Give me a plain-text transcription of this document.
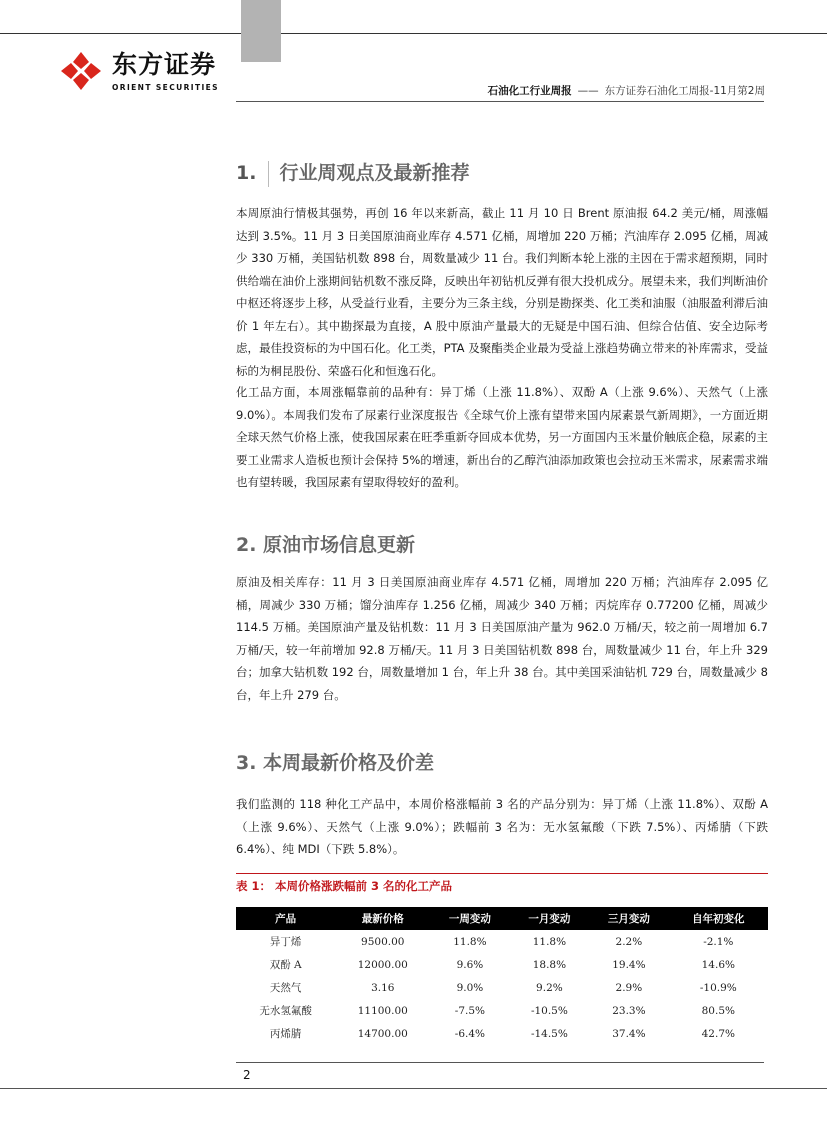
东方证券
ORIENT SECURITIES	石油化工行业周报 —— 东方证券石油化工周报-11月第2周
1. 行业周观点及最新推荐

本周原油行情极其强势，再创 16 年以来新高，截止 11 月 10 日 Brent 原油报 64.2 美元/桶，周涨幅达到 3.5%。11 月 3 日美国原油商业库存 4.571 亿桶，周增加 220 万桶；汽油库存 2.095 亿桶，周减少 330 万桶，美国钻机数 898 台，周数量减少 11 台。我们判断本轮上涨的主因在于需求超预期，同时供给端在油价上涨期间钻机数不涨反降，反映出年初钻机反弹有很大投机成分。展望未来，我们判断油价中枢还将逐步上移，从受益行业看，主要分为三条主线，分别是勘探类、化工类和油服（油服盈利滞后油价 1 年左右）。其中勘探最为直接，A 股中原油产量最大的无疑是中国石油、但综合估值、安全边际考虑，最佳投资标的为中国石化。化工类，PTA 及聚酯类企业最为受益上涨趋势确立带来的补库需求，受益标的为桐昆股份、荣盛石化和恒逸石化。

化工品方面，本周涨幅靠前的品种有：异丁烯（上涨 11.8%）、双酚 A（上涨 9.6%）、天然气（上涨 9.0%）。本周我们发布了尿素行业深度报告《全球气价上涨有望带来国内尿素景气新周期》，一方面近期全球天然气价格上涨，使我国尿素在旺季重新夺回成本优势，另一方面国内玉米量价触底企稳，尿素的主要工业需求人造板也预计会保持 5%的增速，新出台的乙醇汽油添加政策也会拉动玉米需求，尿素需求端也有望转暖，我国尿素有望取得较好的盈利。

2. 原油市场信息更新

原油及相关库存：11 月 3 日美国原油商业库存 4.571 亿桶，周增加 220 万桶；汽油库存 2.095 亿桶，周减少 330 万桶；馏分油库存 1.256 亿桶，周减少 340 万桶；丙烷库存 0.77200 亿桶，周减少 114.5 万桶。美国原油产量及钻机数：11 月 3 日美国原油产量为 962.0 万桶/天，较之前一周增加 6.7 万桶/天，较一年前增加 92.8 万桶/天。11 月 3 日美国钻机数 898 台，周数量减少 11 台，年上升 329 台；加拿大钻机数 192 台，周数量增加 1 台，年上升 38 台。其中美国采油钻机 729 台，周数量减少 8 台，年上升 279 台。

3. 本周最新价格及价差

我们监测的 118 种化工产品中，本周价格涨幅前 3 名的产品分别为：异丁烯（上涨 11.8%）、双酚 A（上涨 9.6%）、天然气（上涨 9.0%）；跌幅前 3 名为：无水氢氟酸（下跌 7.5%）、丙烯腈（下跌 6.4%）、纯 MDI（下跌 5.8%）。

表 1： 本周价格涨跌幅前 3 名的化工产品
产品	最新价格	一周变动	一月变动	三月变动	自年初变化
异丁烯	9500.00	11.8%	11.8%	2.2%	-2.1%
双酚 A	12000.00	9.6%	18.8%	19.4%	14.6%
天然气	3.16	9.0%	9.2%	2.9%	-10.9%
无水氢氟酸	11100.00	-7.5%	-10.5%	23.3%	80.5%
丙烯腈	14700.00	-6.4%	-14.5%	37.4%	42.7%
2
